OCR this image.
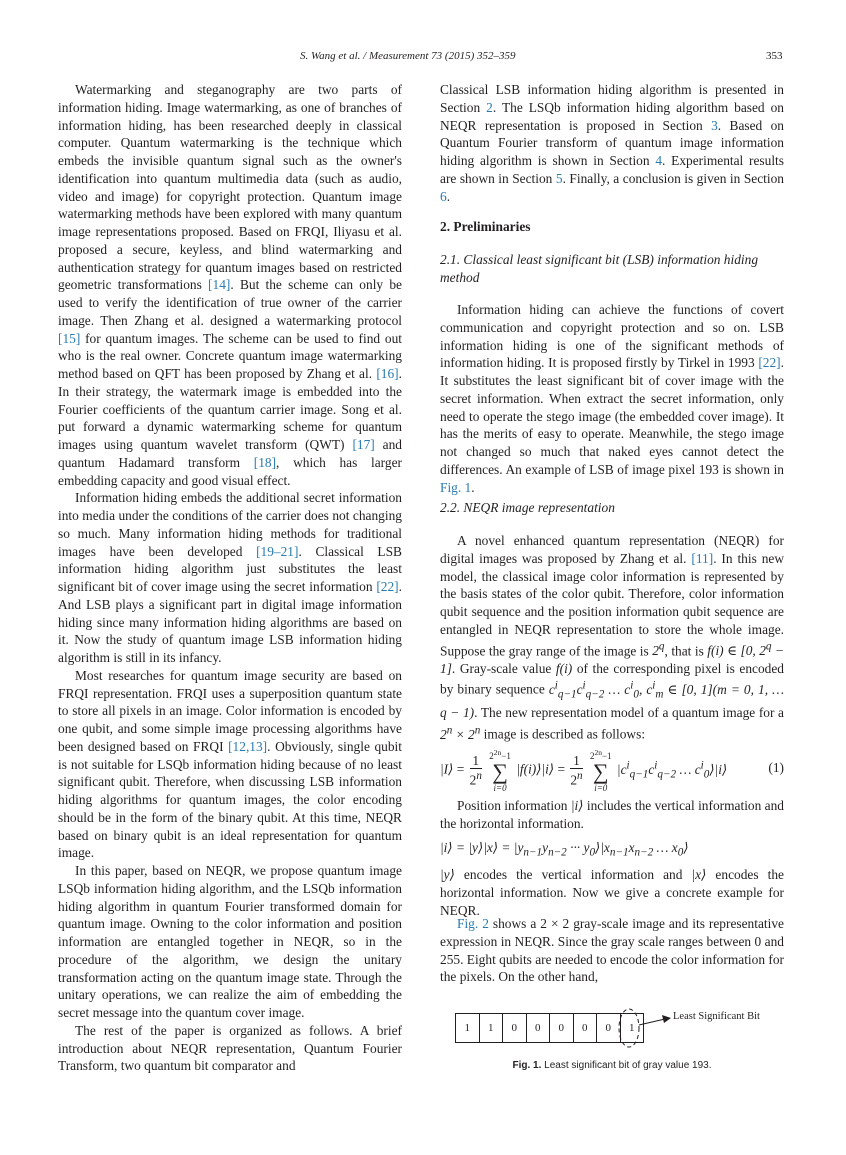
S. Wang et al. / Measurement 73 (2015) 352–359	353

Watermarking and steganography are two parts of information hiding. Image watermarking, as one of branches of information hiding, has been researched deeply in classical computer. Quantum watermarking is the technique which embeds the invisible quantum signal such as the owner's identification into quantum multimedia data (such as audio, video and image) for copyright protection. Quantum image watermarking methods have been explored with many quantum image representations proposed. Based on FRQI, Iliyasu et al. proposed a secure, keyless, and blind watermarking and authentication strategy for quantum images based on restricted geometric transformations [14]. But the scheme can only be used to verify the identification of true owner of the carrier image. Then Zhang et al. designed a watermarking protocol [15] for quantum images. The scheme can be used to find out who is the real owner. Concrete quantum image watermarking method based on QFT has been proposed by Zhang et al. [16]. In their strategy, the watermark image is embedded into the Fourier coefficients of the quantum carrier image. Song et al. put forward a dynamic watermarking scheme for quantum images using quantum wavelet transform (QWT) [17] and quantum Hadamard transform [18], which has larger embedding capacity and good visual effect.

Information hiding embeds the additional secret information into media under the conditions of the carrier does not changing so much. Many information hiding methods for traditional images have been developed [19–21]. Classical LSB information hiding algorithm just substitutes the least significant bit of cover image using the secret information [22]. And LSB plays a significant part in digital image information hiding since many information hiding algorithms are based on it. Now the study of quantum image LSB information hiding algorithm is still in its infancy.

Most researches for quantum image security are based on FRQI representation. FRQI uses a superposition quantum state to store all pixels in an image. Color information is encoded by one qubit, and some simple image processing algorithms have been designed based on FRQI [12,13]. Obviously, single qubit is not suitable for LSQb information hiding because of no least significant qubit. Therefore, when discussing LSB information hiding algorithms for quantum images, the color encoding should be in the form of the binary qubit. At this time, NEQR based on binary qubit is an ideal representation for quantum image.

In this paper, based on NEQR, we propose quantum image LSQb information hiding algorithm, and the LSQb information hiding algorithm in quantum Fourier transformed domain for quantum image. Owning to the color information and position information are entangled together in NEQR, so in the procedure of the algorithm, we design the unitary transformation acting on the quantum image state. Through the unitary operations, we can realize the aim of embedding the secret message into the quantum cover image.

The rest of the paper is organized as follows. A brief introduction about NEQR representation, Quantum Fourier Transform, two quantum bit comparator and

Classical LSB information hiding algorithm is presented in Section 2. The LSQb information hiding algorithm based on NEQR representation is proposed in Section 3. Based on Quantum Fourier transform of quantum image information hiding algorithm is shown in Section 4. Experimental results are shown in Section 5. Finally, a conclusion is given in Section 6.

2. Preliminaries
2.1. Classical least significant bit (LSB) information hiding method

Information hiding can achieve the functions of covert communication and copyright protection and so on. LSB information hiding is one of the significant methods of information hiding. It is proposed firstly by Tirkel in 1993 [22]. It substitutes the least significant bit of cover image with the secret information. When extract the secret information, only need to operate the stego image (the embedded cover image). It has the merits of easy to operate. Meanwhile, the stego image not changed so much that naked eyes cannot detect the differences. An example of LSB of image pixel 193 is shown in Fig. 1.

2.2. NEQR image representation

A novel enhanced quantum representation (NEQR) for digital images was proposed by Zhang et al. [11]. In this new model, the classical image color information is represented by the basis states of the color qubit. Therefore, color information qubit sequence and the position information qubit sequence are entangled in NEQR representation to store the whole image. Suppose the gray range of the image is 2$^q$, that is f(i) ∈ [0, $2^q - 1$]. Gray-scale value f(i) of the corresponding pixel is encoded by binary sequence $c^i_{q-1}c^i_{q-2}$ … $c^i_0$, $c^i_m$ ∈ [0, 1](m = 0, 1, … q − 1). The new representation model of a quantum image for a $2^n \times 2^n$ image is described as follows:

|I⟩ = $\frac{1}{2^n}$
$2^{2n}-1$
∑
i=0
|f(i)⟩|i⟩ = $\frac{1}{2^n}$
$2^{2n}-1$
∑
i=0
$|c^i_{q-1}c^i_{q-2}$ … $c^i_0⟩|i⟩$	(1)

Position information |i⟩ includes the vertical information and the horizontal information.

|i⟩ = |y⟩|x⟩ = $|y_{n-1}y_{n-2}$ ··· $y_0⟩|x_{n-1}x_{n-2}$ … $x_0⟩$

|y⟩ encodes the vertical information and |x⟩ encodes the horizontal information. Now we give a concrete example for NEQR.

Fig. 2 shows a 2 × 2 gray-scale image and its representative expression in NEQR. Since the gray scale ranges between 0 and 255. Eight qubits are needed to encode the color information for the pixels. On the other hand,

1	1	0	0	0	0	0	1
Least Significant Bit
Fig. 1. Least significant bit of gray value 193.
